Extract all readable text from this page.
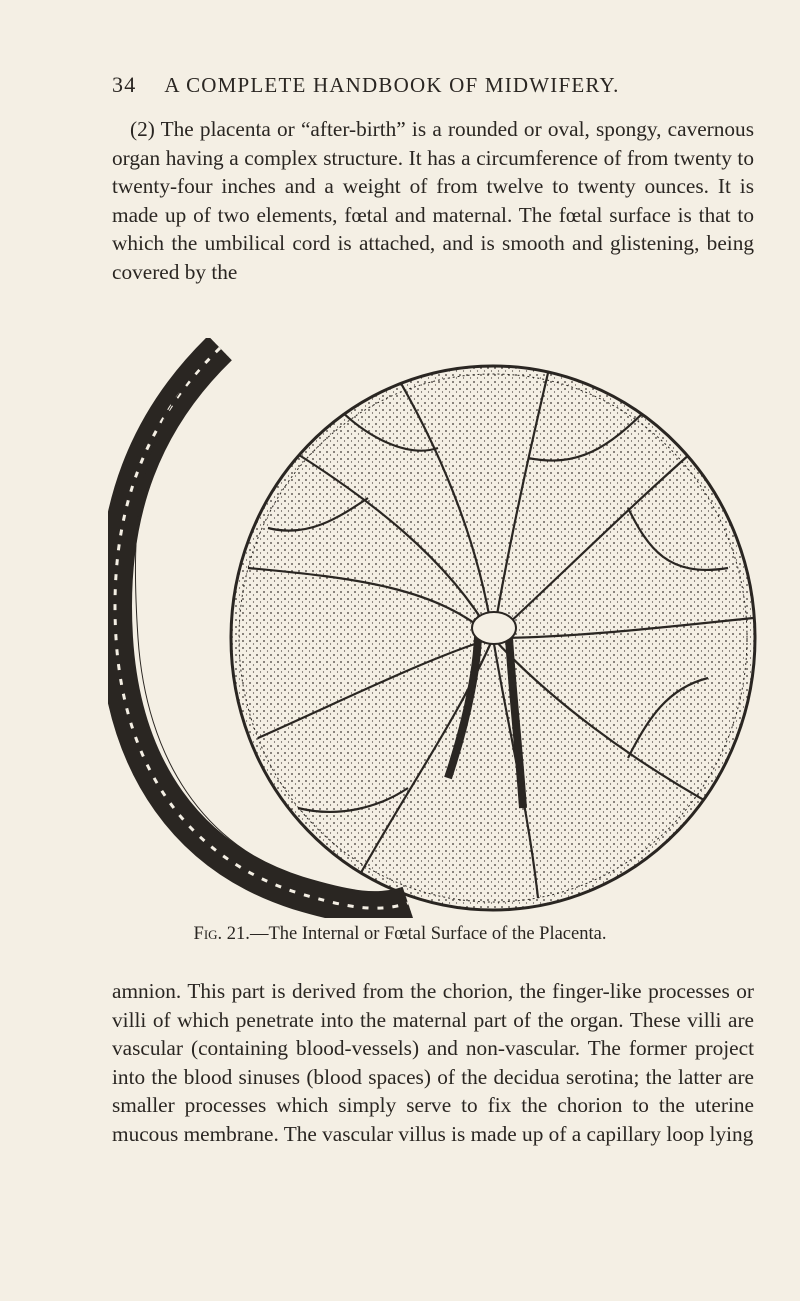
34 A COMPLETE HANDBOOK OF MIDWIFERY.

(2) The placenta or “after-birth” is a rounded or oval, spongy, cavernous organ having a complex structure. It has a circumference of from twenty to twenty-four inches and a weight of from twelve to twenty ounces. It is made up of two elements, fœtal and maternal. The fœtal surface is that to which the umbilical cord is attached, and is smooth and glistening, being covered by the

Fig. 21.—The Internal or Fœtal Surface of the Placenta.

amnion. This part is derived from the chorion, the finger-like processes or villi of which penetrate into the maternal part of the organ. These villi are vascular (containing blood-vessels) and non-vascular. The former project into the blood sinuses (blood spaces) of the decidua serotina; the latter are smaller processes which simply serve to fix the chorion to the uterine mucous membrane. The vascular villus is made up of a capillary loop lying
